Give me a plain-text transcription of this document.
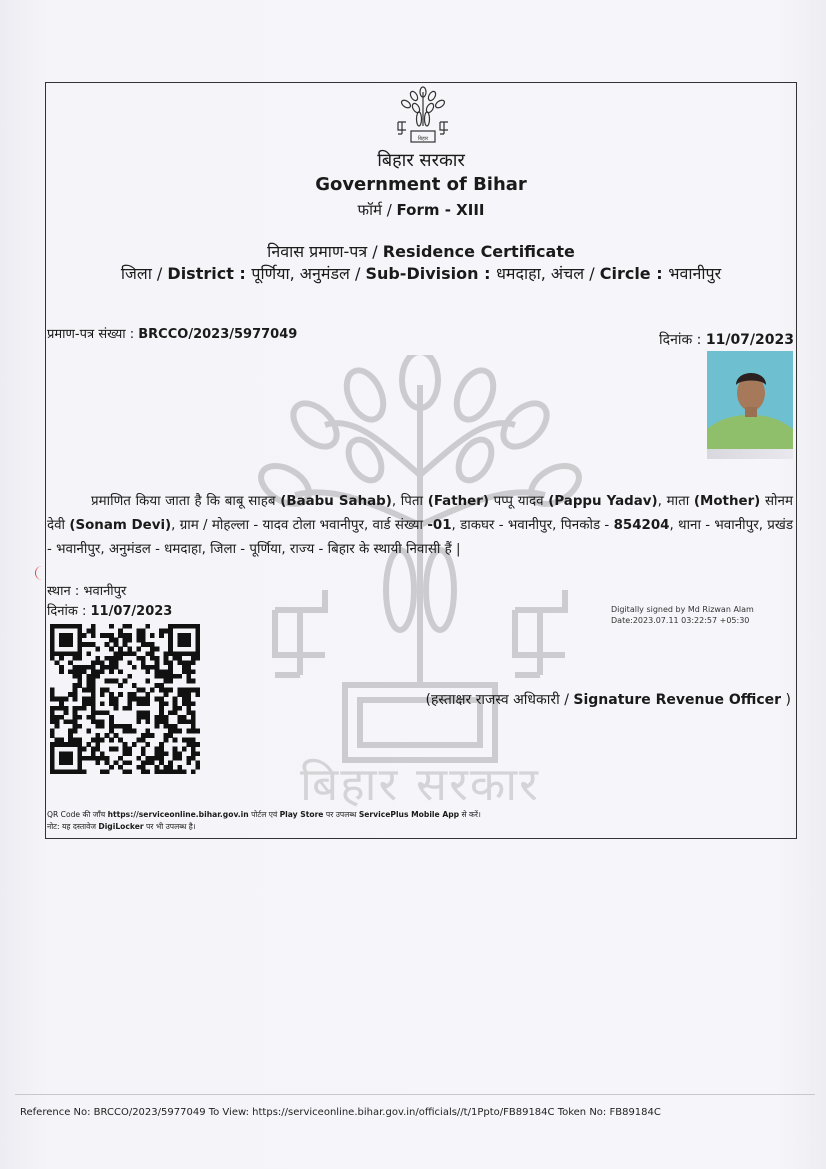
बिहार सरकार
बिहार
बिहार सरकार
Government of Bihar
फॉर्म / Form - XIII
निवास प्रमाण-पत्र / Residence Certificate
जिला / District : पूर्णिया, अनुमंडल / Sub-Division : धमदाहा, अंचल / Circle : भवानीपुर
प्रमाण-पत्र संख्या : BRCCO/2023/5977049	दिनांक : 11/07/2023
प्रमाणित किया जाता है कि बाबू साहब (Baabu Sahab), पिता (Father) पप्पू यादव (Pappu Yadav), माता (Mother) सोनम देवी (Sonam Devi), ग्राम / मोहल्ला - यादव टोला भवानीपुर, वार्ड संख्या -01, डाकघर - भवानीपुर, पिनकोड - 854204, थाना - भवानीपुर, प्रखंड - भवानीपुर, अनुमंडल - धमदाहा, जिला - पूर्णिया, राज्य - बिहार के स्थायी निवासी हैं |
स्थान : भवानीपुर
दिनांक : 11/07/2023	Digitally signed by Md Rizwan Alam
Date:2023.07.11 03:22:57 +05:30
(हस्ताक्षर राजस्व अधिकारी / Signature Revenue Officer )
QR Code की जाँच https://serviceonline.bihar.gov.in पोर्टल एवं Play Store पर उपलब्ध ServicePlus Mobile App से करें।
नोट: यह दस्तावेज DigiLocker पर भी उपलब्ध है।
Reference No: BRCCO/2023/5977049 To View: https://serviceonline.bihar.gov.in/officials//t/1Ppto/FB89184C Token No: FB89184C
